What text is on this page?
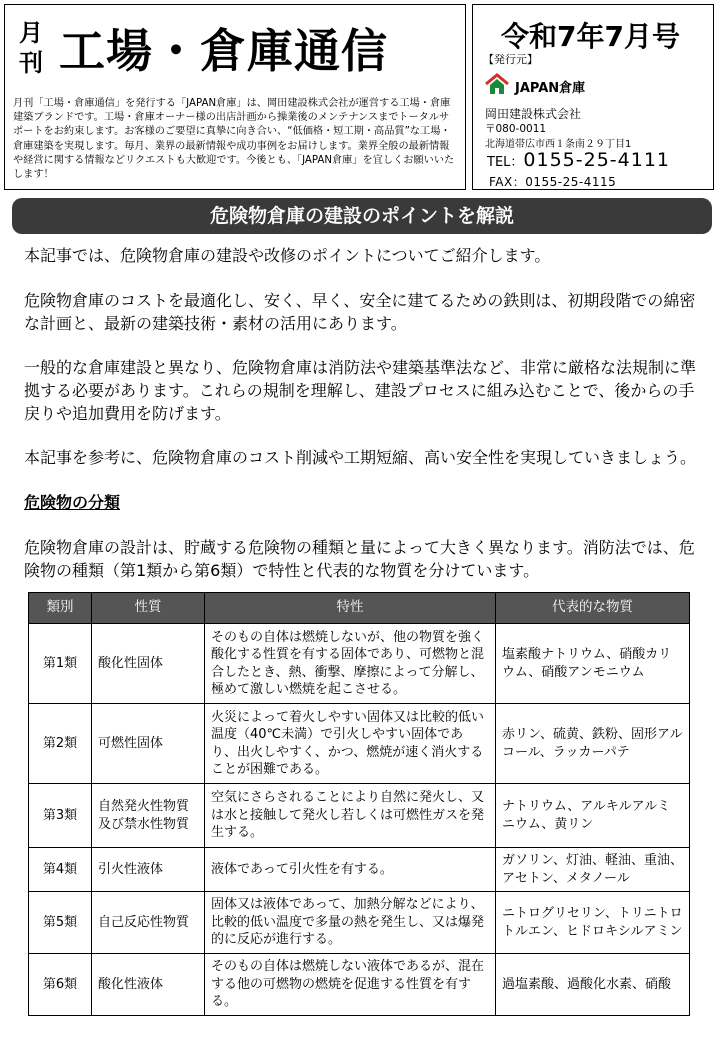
月
刊 工場・倉庫通信
月刊「工場・倉庫通信」を発行する「JAPAN倉庫」は、岡田建設株式会社が運営する工場・倉庫建築ブランドです。工場・倉庫オーナー様の出店計画から操業後のメンテナンスまでトータルサポートをお約束します。お客様のご要望に真摯に向き合い、“低価格・短工期・高品質”な工場・倉庫建築を実現します。毎月、業界の最新情報や成功事例をお届けします。業界全般の最新情報や経営に関する情報などリクエストも大歓迎です。今後とも、「JAPAN倉庫」を宜しくお願いいたします！
令和7年7月号
【発行元】
JAPAN倉庫
岡田建設株式会社
〒080-0011
北海道帯広市西１条南２９丁目1
TEL：0155-25-4111
FAX：0155-25-4115
危険物倉庫の建設のポイントを解説

本記事では、危険物倉庫の建設や改修のポイントについてご紹介します。

危険物倉庫のコストを最適化し、安く、早く、安全に建てるための鉄則は、初期段階での綿密な計画と、最新の建築技術・素材の活用にあります。

一般的な倉庫建設と異なり、危険物倉庫は消防法や建築基準法など、非常に厳格な法規制に準拠する必要があります。これらの規制を理解し、建設プロセスに組み込むことで、後からの手戻りや追加費用を防げます。

本記事を参考に、危険物倉庫のコスト削減や工期短縮、高い安全性を実現していきましょう。

危険物の分類

危険物倉庫の設計は、貯蔵する危険物の種類と量によって大きく異なります。消防法では、危険物の種類（第1類から第6類）で特性と代表的な物質を分けています。

類別	性質	特性	代表的な物質
第1類	酸化性固体	そのもの自体は燃焼しないが、他の物質を強く酸化する性質を有する固体であり、可燃物と混合したとき、熱、衝撃、摩擦によって分解し、極めて激しい燃焼を起こさせる。	塩素酸ナトリウム、硝酸カリウム、硝酸アンモニウム
第2類	可燃性固体	火災によって着火しやすい固体又は比較的低い温度（40℃未満）で引火しやすい固体であり、出火しやすく、かつ、燃焼が速く消火することが困難である。	赤リン、硫黄、鉄粉、固形アルコール、ラッカーパテ
第3類	自然発火性物質及び禁水性物質	空気にさらされることにより自然に発火し、又は水と接触して発火し若しくは可燃性ガスを発生する。	ナトリウム、アルキルアルミニウム、黄リン
第4類	引火性液体	液体であって引火性を有する。	ガソリン、灯油、軽油、重油、アセトン、メタノール
第5類	自己反応性物質	固体又は液体であって、加熱分解などにより、比較的低い温度で多量の熱を発生し、又は爆発的に反応が進行する。	ニトログリセリン、トリニトロトルエン、ヒドロキシルアミン
第6類	酸化性液体	そのもの自体は燃焼しない液体であるが、混在する他の可燃物の燃焼を促進する性質を有する。	過塩素酸、過酸化水素、硝酸
